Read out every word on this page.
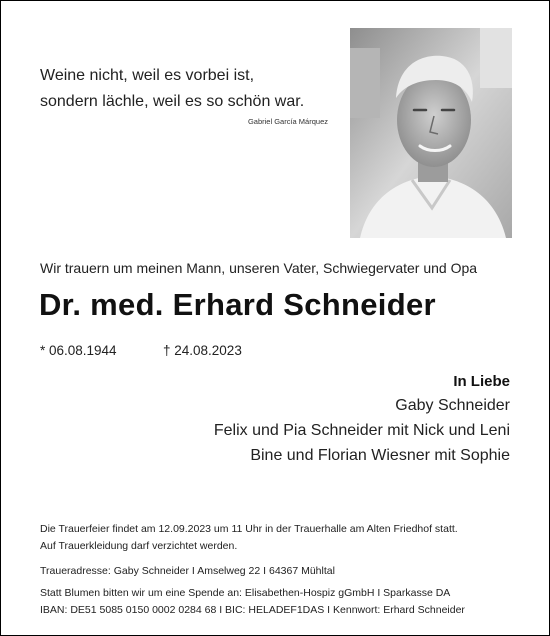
Weine nicht, weil es vorbei ist,
sondern lächle, weil es so schön war.
Gabriel García Márquez
Wir trauern um meinen Mann, unseren Vater, Schwiegervater und Opa
Dr. med. Erhard Schneider
* 06.08.1944	† 24.08.2023
In Liebe
Gaby Schneider
Felix und Pia Schneider mit Nick und Leni
Bine und Florian Wiesner mit Sophie
Die Trauerfeier findet am 12.09.2023 um 11 Uhr in der Trauerhalle am Alten Friedhof statt.
Auf Trauerkleidung darf verzichtet werden.
Traueradresse: Gaby Schneider I Amselweg 22 I 64367 Mühltal
Statt Blumen bitten wir um eine Spende an: Elisabethen-Hospiz gGmbH I Sparkasse DA
IBAN: DE51 5085 0150 0002 0284 68 I BIC: HELADEF1DAS I Kennwort: Erhard Schneider
